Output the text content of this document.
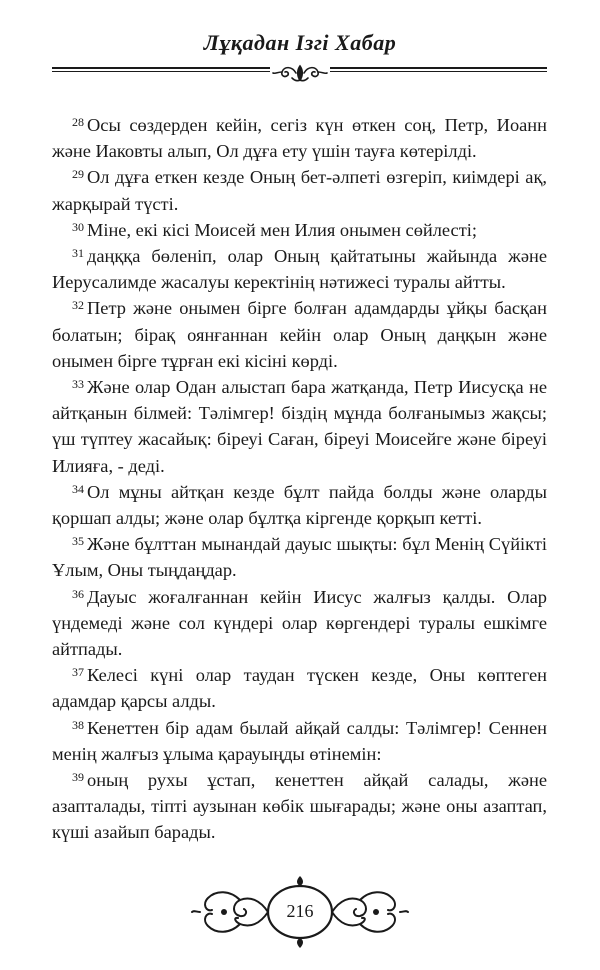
Лұқадан Ізгі Хабар

$^{28}$ Осы сөздерден кейін, сегіз күн өткен соң, Петр, Иоанн және Иаковты алып, Ол дұға ету үшін тауға көтерілді.

$^{29}$ Ол дұға еткен кезде Оның бет-әлпеті өзгеріп, киімдері ақ, жарқырай түсті.

$^{30}$ Міне, екі кісі Моисей мен Илия онымен сөйлесті;

$^{31}$ даңққа бөленіп, олар Оның қайтатыны жайында және Иерусалимде жасалуы керектінің нәтижесі туралы айтты.

$^{32}$ Петр және онымен бірге болған адамдарды ұйқы басқан болатын; бірақ оянғаннан кейін олар Оның даңқын және онымен бірге тұрған екі кісіні көрді.

$^{33}$ Және олар Одан алыстап бара жатқанда, Петр Иисусқа не айтқанын білмей: Тәлімгер! біздің мұнда болғанымыз жақсы; үш түптеу жасайық: біреуі Саған, біреуі Моисейге және біреуі Илияға, - деді.

$^{34}$ Ол мұны айтқан кезде бұлт пайда болды және оларды қоршап алды; және олар бұлтқа кіргенде қорқып кетті.

$^{35}$ Және бұлттан мынандай дауыс шықты: бұл Менің Сүйікті Ұлым, Оны тыңдаңдар.

$^{36}$ Дауыс жоғалғаннан кейін Иисус жалғыз қалды. Олар үндемеді және сол күндері олар көргендері туралы ешкімге айтпады.

$^{37}$ Келесі күні олар таудан түскен кезде, Оны көптеген адамдар қарсы алды.

$^{38}$ Кенеттен бір адам былай айқай салды: Тәлімгер! Сеннен менің жалғыз ұлыма қарауыңды өтінемін:

$^{39}$ оның рухы ұстап, кенеттен айқай салады, және азапталады, тіпті аузынан көбік шығарады; және оны азаптап, күші азайып барады.

216
